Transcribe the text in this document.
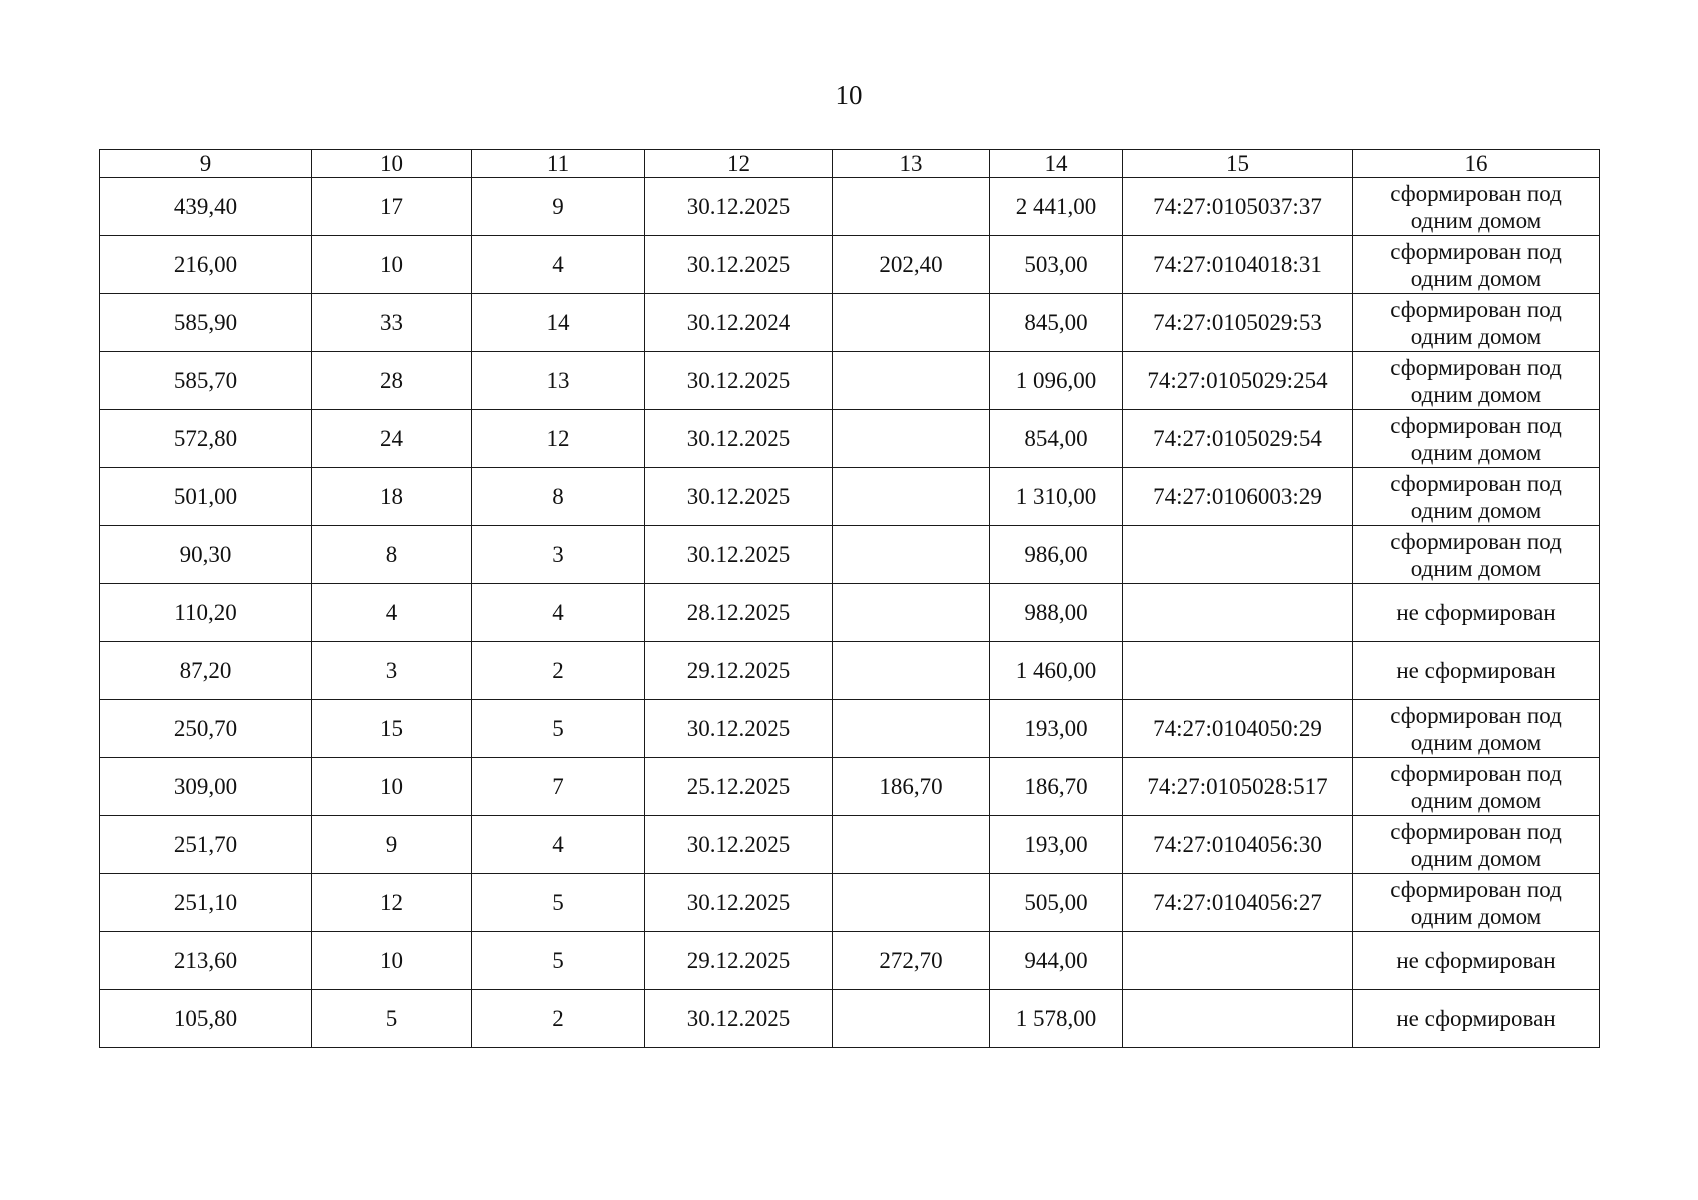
10
9	10	11	12	13	14	15	16
439,40	17	9	30.12.2025		2 441,00	74:27:0105037:37	сформирован под одним домом
216,00	10	4	30.12.2025	202,40	503,00	74:27:0104018:31	сформирован под одним домом
585,90	33	14	30.12.2024		845,00	74:27:0105029:53	сформирован под одним домом
585,70	28	13	30.12.2025		1 096,00	74:27:0105029:254	сформирован под одним домом
572,80	24	12	30.12.2025		854,00	74:27:0105029:54	сформирован под одним домом
501,00	18	8	30.12.2025		1 310,00	74:27:0106003:29	сформирован под одним домом
90,30	8	3	30.12.2025		986,00		сформирован под одним домом
110,20	4	4	28.12.2025		988,00		не сформирован
87,20	3	2	29.12.2025		1 460,00		не сформирован
250,70	15	5	30.12.2025		193,00	74:27:0104050:29	сформирован под одним домом
309,00	10	7	25.12.2025	186,70	186,70	74:27:0105028:517	сформирован под одним домом
251,70	9	4	30.12.2025		193,00	74:27:0104056:30	сформирован под одним домом
251,10	12	5	30.12.2025		505,00	74:27:0104056:27	сформирован под одним домом
213,60	10	5	29.12.2025	272,70	944,00		не сформирован
105,80	5	2	30.12.2025		1 578,00		не сформирован
